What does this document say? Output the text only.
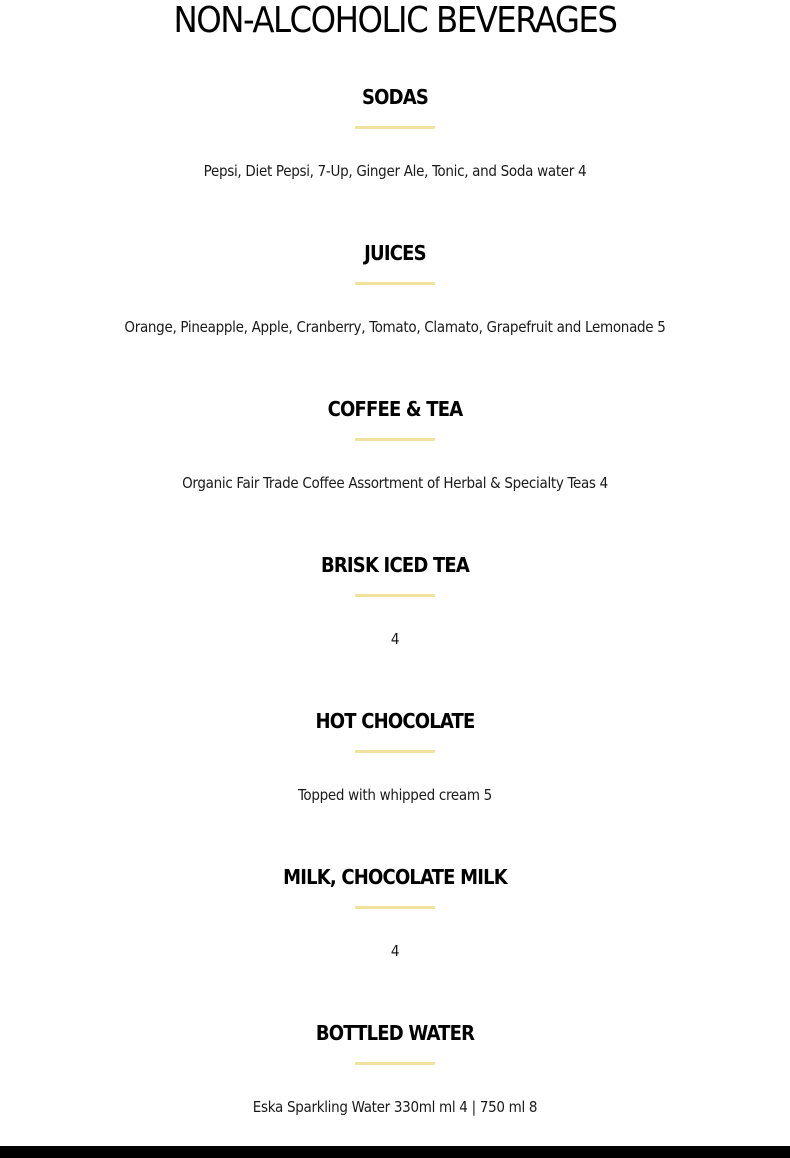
NON-ALCOHOLIC BEVERAGES
SODAS

Pepsi, Diet Pepsi, 7-Up, Ginger Ale, Tonic, and Soda water 4

JUICES

Orange, Pineapple, Apple, Cranberry, Tomato, Clamato, Grapefruit and Lemonade 5

COFFEE & TEA

Organic Fair Trade Coffee Assortment of Herbal & Specialty Teas 4

BRISK ICED TEA

4

HOT CHOCOLATE

Topped with whipped cream 5

MILK, CHOCOLATE MILK

4

BOTTLED WATER

Eska Sparkling Water 330ml ml 4 | 750 ml 8
